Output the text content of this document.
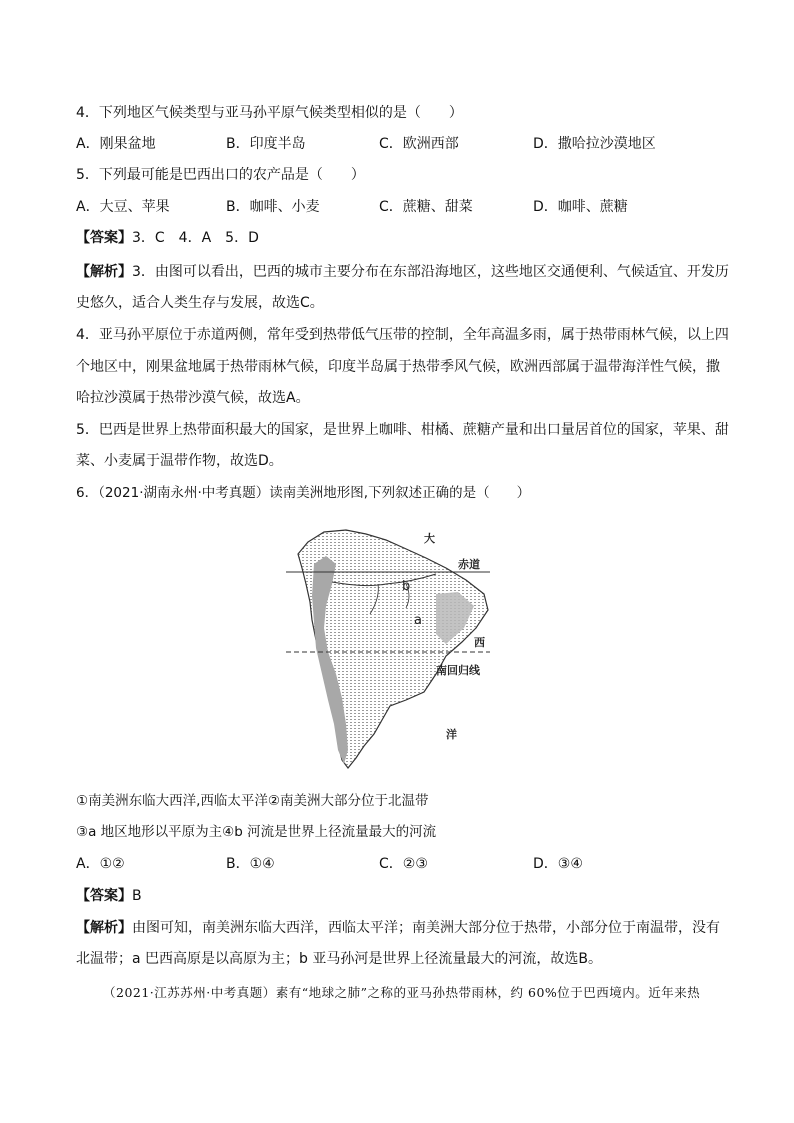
4．下列地区气候类型与亚马孙平原气候类型相似的是（　　）
A．刚果盆地	B．印度半岛	C．欧洲西部	D．撒哈拉沙漠地区
5．下列最可能是巴西出口的农产品是（　　）
A．大豆、苹果	B．咖啡、小麦	C．蔗糖、甜菜	D．咖啡、蔗糖
【答案】3．C　4．A　5．D
【解析】3．由图可以看出，巴西的城市主要分布在东部沿海地区，这些地区交通便利、气候适宜、开发历
史悠久，适合人类生存与发展，故选C。
4．亚马孙平原位于赤道两侧，常年受到热带低气压带的控制，全年高温多雨，属于热带雨林气候，以上四
个地区中，刚果盆地属于热带雨林气候，印度半岛属于热带季风气候，欧洲西部属于温带海洋性气候，撒
哈拉沙漠属于热带沙漠气候，故选A。
5．巴西是世界上热带面积最大的国家，是世界上咖啡、柑橘、蔗糖产量和出口量居首位的国家，苹果、甜
菜、小麦属于温带作物，故选D。
6．（2021·湖南永州·中考真题）读南美洲地形图,下列叙述正确的是（　　）
大
赤道
b
a
西
南回归线
洋
①南美洲东临大西洋,西临太平洋②南美洲大部分位于北温带
③a 地区地形以平原为主④b 河流是世界上径流量最大的河流
A．①②	B．①④	C．②③	D．③④
【答案】B
【解析】由图可知，南美洲东临大西洋，西临太平洋；南美洲大部分位于热带，小部分位于南温带，没有
北温带；a 巴西高原是以高原为主；b 亚马孙河是世界上径流量最大的河流，故选B。
（2021·江苏苏州·中考真题）素有“地球之肺”之称的亚马孙热带雨林，约 60%位于巴西境内。近年来热
